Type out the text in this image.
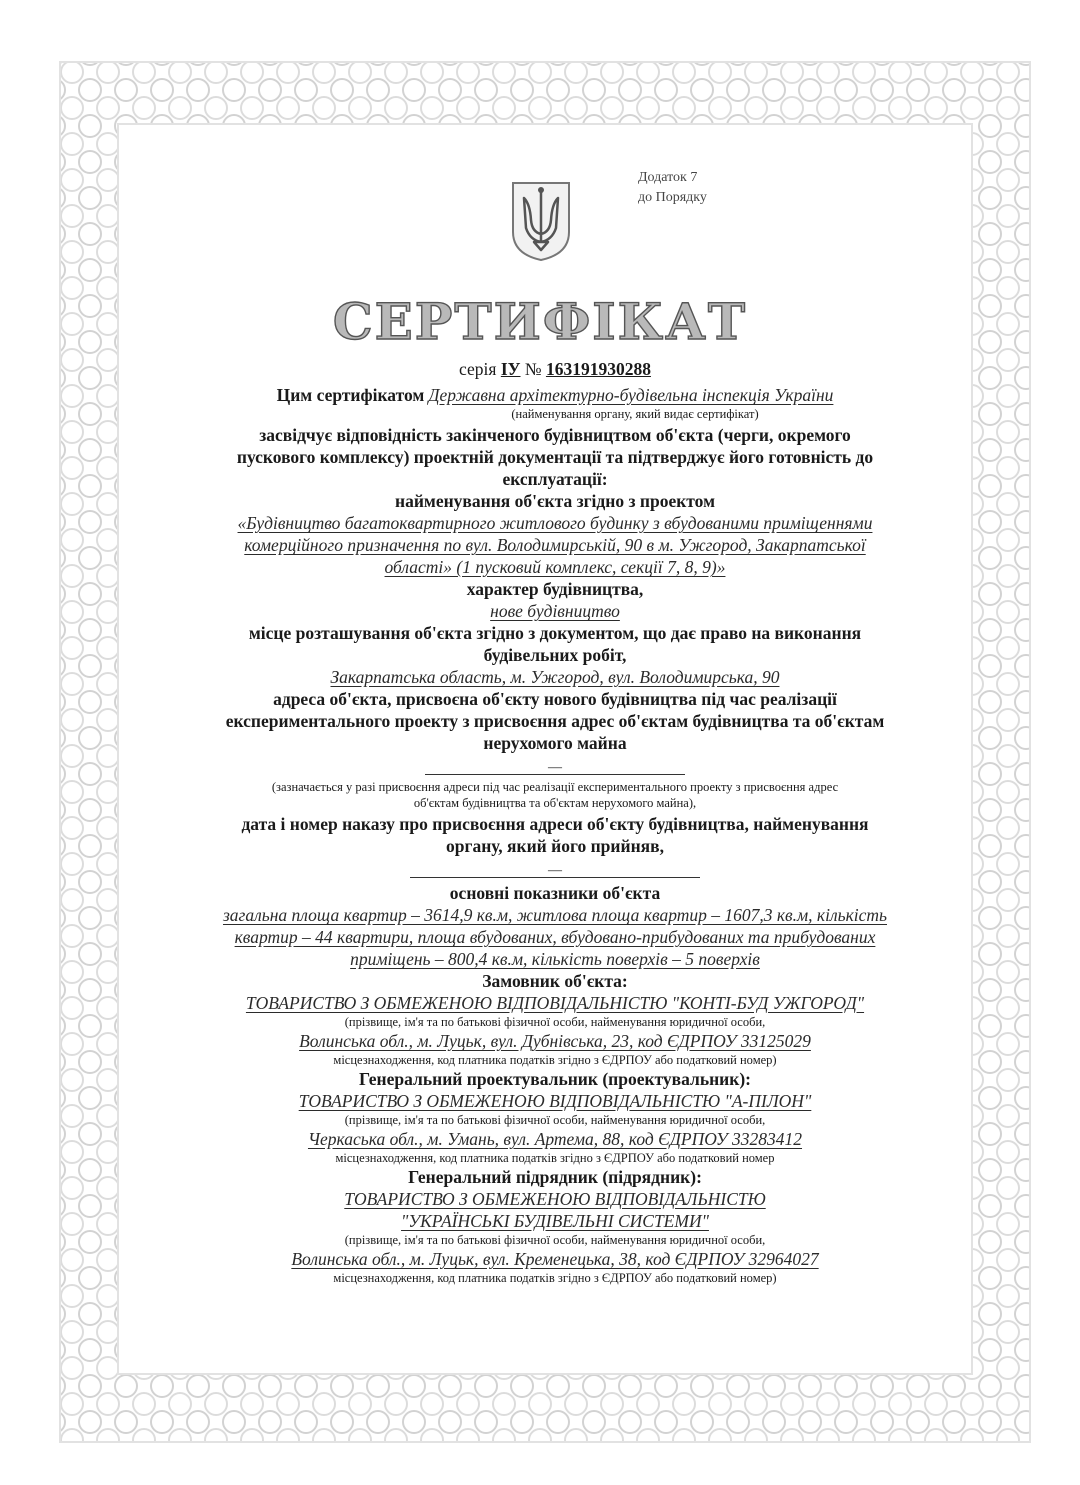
Додаток 7
до Порядку
СЕРТИФІКАТ
серія ІУ № 163191930288
Цим сертифікатом Державна архітектурно-будівельна інспекція України
(найменування органу, який видає сертифікат)
засвідчує відповідність закінченого будівництвом об'єкта (черги, окремого
пускового комплексу) проектній документації та підтверджує його готовність до
експлуатації:
найменування об'єкта згідно з проектом
«Будівництво багатоквартирного житлового будинку з вбудованими приміщеннями
комерційного призначення по вул. Володимирській, 90 в м. Ужгород, Закарпатської
області» (1 пусковий комплекс, секції 7, 8, 9)»
характер будівництва,
нове будівництво
місце розташування об'єкта згідно з документом, що дає право на виконання
будівельних робіт,
Закарпатська область, м. Ужгород, вул. Володимирська, 90
адреса об'єкта, присвоєна об'єкту нового будівництва під час реалізації
експериментального проекту з присвоєння адрес об'єктам будівництва та об'єктам
нерухомого майна
—
(зазначається у разі присвоєння адреси під час реалізації експериментального проекту з присвоєння адрес
об'єктам будівництва та об'єктам нерухомого майна),
дата і номер наказу про присвоєння адреси об'єкту будівництва, найменування
органу, який його прийняв,
—
основні показники об'єкта
загальна площа квартир – 3614,9 кв.м, житлова площа квартир – 1607,3 кв.м, кількість
квартир – 44 квартири, площа вбудованих, вбудовано-прибудованих та прибудованих
приміщень – 800,4 кв.м, кількість поверхів – 5 поверхів
Замовник об'єкта:
ТОВАРИСТВО З ОБМЕЖЕНОЮ ВІДПОВІДАЛЬНІСТЮ "КОНТІ-БУД УЖГОРОД"
(прізвище, ім'я та по батькові фізичної особи, найменування юридичної особи,
Волинська обл., м. Луцьк, вул. Дубнівська, 23, код ЄДРПОУ 33125029
місцезнаходження, код платника податків згідно з ЄДРПОУ або податковий номер)
Генеральний проектувальник (проектувальник):
ТОВАРИСТВО З ОБМЕЖЕНОЮ ВІДПОВІДАЛЬНІСТЮ "А-ПІЛОН"
(прізвище, ім'я та по батькові фізичної особи, найменування юридичної особи,
Черкаська обл., м. Умань, вул. Артема, 88, код ЄДРПОУ 33283412
місцезнаходження, код платника податків згідно з ЄДРПОУ або податковий номер
Генеральний підрядник (підрядник):
ТОВАРИСТВО З ОБМЕЖЕНОЮ ВІДПОВІДАЛЬНІСТЮ
"УКРАЇНСЬКІ БУДІВЕЛЬНІ СИСТЕМИ"
(прізвище, ім'я та по батькові фізичної особи, найменування юридичної особи,
Волинська обл., м. Луцьк, вул. Кременецька, 38, код ЄДРПОУ 32964027
місцезнаходження, код платника податків згідно з ЄДРПОУ або податковий номер)
